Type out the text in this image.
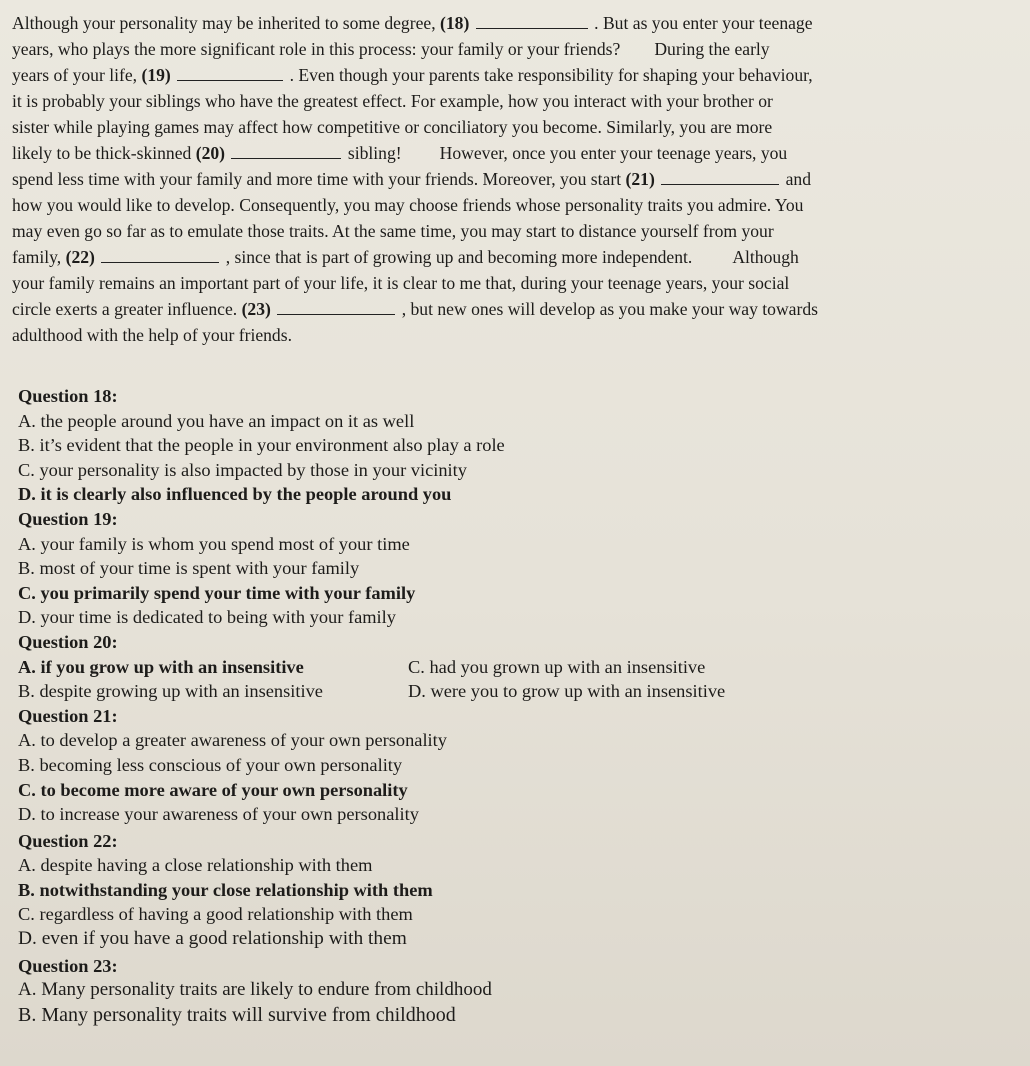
Although your personality may be inherited to some degree, (18)	. But as you enter your teenage
years, who plays the more significant role in this process: your family or your friends? During the early
years of your life, (19)	. Even though your parents take responsibility for shaping your behaviour,
it is probably your siblings who have the greatest effect. For example, how you interact with your brother or
sister while playing games may affect how competitive or conciliatory you become. Similarly, you are more
likely to be thick-skinned (20)	sibling! However, once you enter your teenage years, you
spend less time with your family and more time with your friends. Moreover, you start (21)	and
how you would like to develop. Consequently, you may choose friends whose personality traits you admire. You
may even go so far as to emulate those traits. At the same time, you may start to distance yourself from your
family, (22)	, since that is part of growing up and becoming more independent. Although
your family remains an important part of your life, it is clear to me that, during your teenage years, your social
circle exerts a greater influence. (23)	, but new ones will develop as you make your way towards
adulthood with the help of your friends.
Question 18:
A. the people around you have an impact on it as well
B. it’s evident that the people in your environment also play a role
C. your personality is also impacted by those in your vicinity
D. it is clearly also influenced by the people around you
Question 19:
A. your family is whom you spend most of your time
B. most of your time is spent with your family
C. you primarily spend your time with your family
D. your time is dedicated to being with your family
Question 20:
A. if you grow up with an insensitive	C. had you grown up with an insensitive
B. despite growing up with an insensitive	D. were you to grow up with an insensitive
Question 21:
A. to develop a greater awareness of your own personality
B. becoming less conscious of your own personality
C. to become more aware of your own personality
D. to increase your awareness of your own personality
Question 22:
A. despite having a close relationship with them
B. notwithstanding your close relationship with them
C. regardless of having a good relationship with them
D. even if you have a good relationship with them
Question 23:
A. Many personality traits are likely to endure from childhood
B. Many personality traits will survive from childhood
